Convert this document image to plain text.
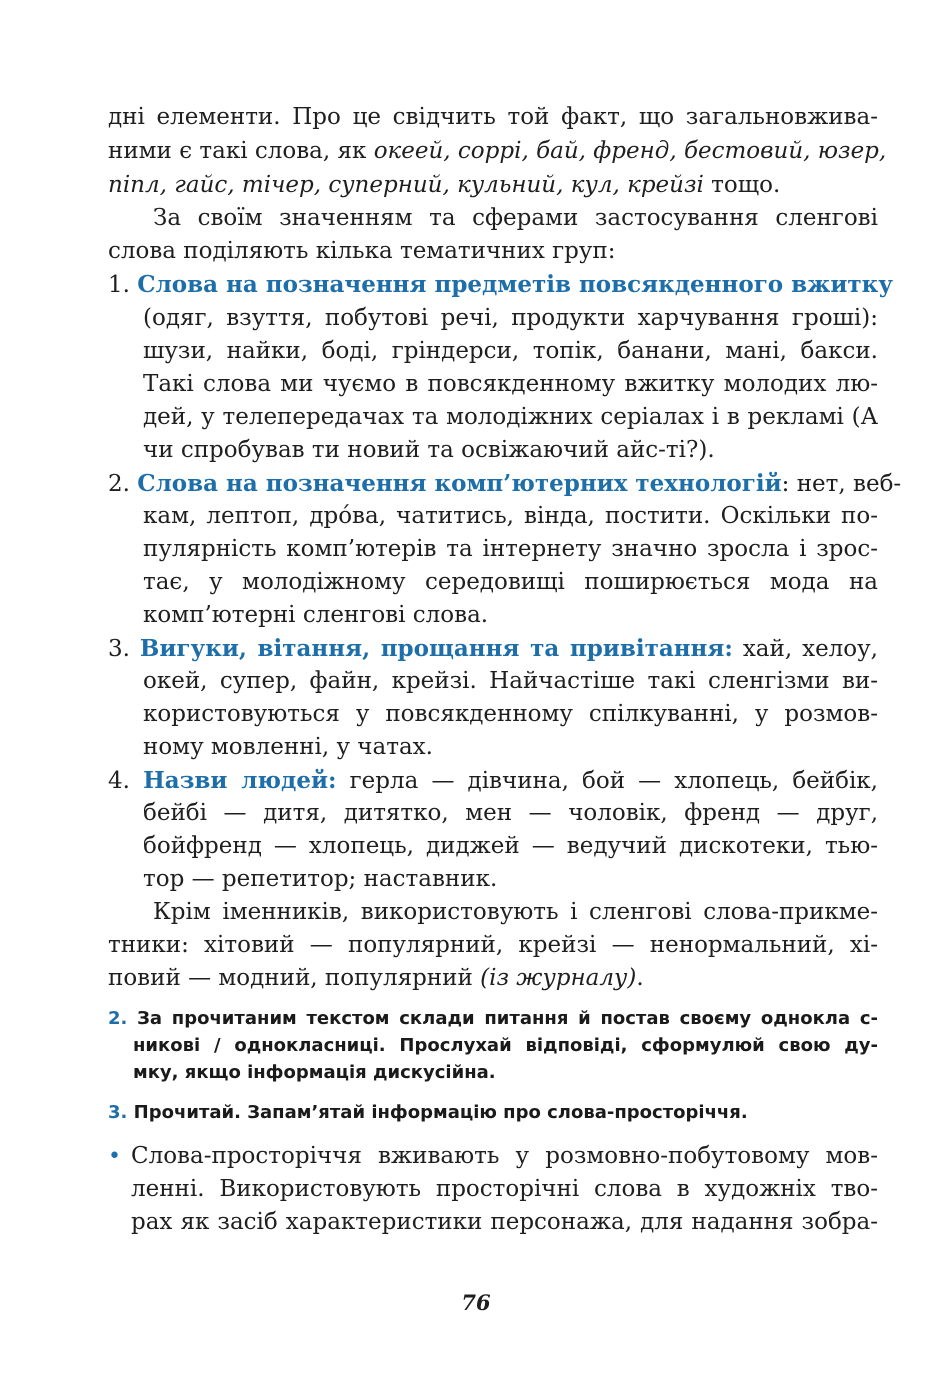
дні елементи. Про це свідчить той факт, що загальновжива-
ними є такі слова, як океей, соррі, бай, френд, бестовий, юзер,
піпл, гайс, тічер, суперний, кульний, кул, крейзі тощо.
За своїм значенням та сферами застосування сленгові
слова поділяють кілька тематичних груп:
1. Слова на позначення предметів повсякденного вжитку
(одяг, взуття, побутові речі, продукти харчування гроші):
шузи, найки, боді, гріндерси, топік, банани, мані, бакси.
Такі слова ми чуємо в повсякденному вжитку молодих лю-
дей, у телепередачах та молодіжних серіалах і в рекламі (А
чи спробував ти новий та освіжаючий айс-ті?).
2. Слова на позначення комп’ютерних технологій: нет, веб-
кам, лептоп, дро́ва, чатитись, вінда, постити. Оскільки по-
пулярність комп’ютерів та інтернету значно зросла і зрос-
тає, у молодіжному середовищі поширюється мода на
комп’ютерні сленгові слова.
3. Вигуки, вітання, прощання та привітання: хай, хелоу,
окей, супер, файн, крейзі. Найчастіше такі сленгізми ви-
користовуються у повсякденному спілкуванні, у розмов-
ному мовленні, у чатах.
4. Назви людей: герла — дівчина, бой — хлопець, бейбік,
бейбі — дитя, дитятко, мен — чоловік, френд — друг,
бойфренд — хлопець, диджей — ведучий дискотеки, тью-
тор — репетитор; наставник.
Крім іменників, використовують і сленгові слова-прикме-
тники: хітовий — популярний, крейзі — ненормальний, хі-
повий — модний, популярний (із журналу).
2. За прочитаним текстом склади питання й постав своєму однокла с-
никові / однокласниці. Прослухай відповіді, сформулюй свою ду-
мку, якщо інформація дискусійна.
3. Прочитай. Запам’ятай інформацію про слова-просторіччя.
• Слова-просторіччя вживають у розмовно-побутовому мов-
ленні. Використовують просторічні слова в художніх тво-
рах як засіб характеристики персонажа, для надання зобра-
76
